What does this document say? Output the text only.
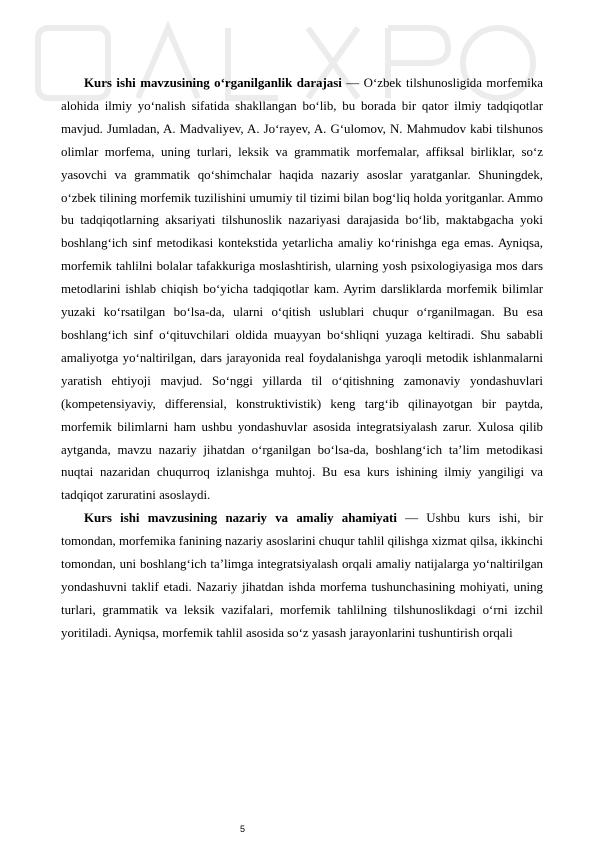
Kurs ishi mavzusining o‘rganilganlik darajasi — O‘zbek tilshunosligida morfemika alohida ilmiy yo‘nalish sifatida shakllangan bo‘lib, bu borada bir qator ilmiy tadqiqotlar mavjud. Jumladan, A. Madvaliyev, A. Jo‘rayev, A. G‘ulomov, N. Mahmudov kabi tilshunos olimlar morfema, uning turlari, leksik va grammatik morfemalar, affiksal birliklar, so‘z yasovchi va grammatik qo‘shimchalar haqida nazariy asoslar yaratganlar. Shuningdek, o‘zbek tilining morfemik tuzilishini umumiy til tizimi bilan bog‘liq holda yoritganlar. Ammo bu tadqiqotlarning aksariyati tilshunoslik nazariyasi darajasida bo‘lib, maktabgacha yoki boshlang‘ich sinf metodikasi kontekstida yetarlicha amaliy ko‘rinishga ega emas. Ayniqsa, morfemik tahlilni bolalar tafakkuriga moslashtirish, ularning yosh psixologiyasiga mos dars metodlarini ishlab chiqish bo‘yicha tadqiqotlar kam. Ayrim darsliklarda morfemik bilimlar yuzaki ko‘rsatilgan bo‘lsa-da, ularni o‘qitish uslublari chuqur o‘rganilmagan. Bu esa boshlang‘ich sinf o‘qituvchilari oldida muayyan bo‘shliqni yuzaga keltiradi. Shu sababli amaliyotga yo‘naltirilgan, dars jarayonida real foydalanishga yaroqli metodik ishlanmalarni yaratish ehtiyoji mavjud. So‘nggi yillarda til o‘qitishning zamonaviy yondashuvlari (kompetensiyaviy, differensial, konstruktivistik) keng targ‘ib qilinayotgan bir paytda, morfemik bilimlarni ham ushbu yondashuvlar asosida integratsiyalash zarur. Xulosa qilib aytganda, mavzu nazariy jihatdan o‘rganilgan bo‘lsa-da, boshlang‘ich ta’lim metodikasi nuqtai nazaridan chuqurroq izlanishga muhtoj. Bu esa kurs ishining ilmiy yangiligi va tadqiqot zaruratini asoslaydi.

Kurs ishi mavzusining nazariy va amaliy ahamiyati — Ushbu kurs ishi, bir tomondan, morfemika fanining nazariy asoslarini chuqur tahlil qilishga xizmat qilsa, ikkinchi tomondan, uni boshlang‘ich ta’limga integratsiyalash orqali amaliy natijalarga yo‘naltirilgan yondashuvni taklif etadi. Nazariy jihatdan ishda morfema tushunchasining mohiyati, uning turlari, grammatik va leksik vazifalari, morfemik tahlilning tilshunoslikdagi o‘rni izchil yoritiladi. Ayniqsa, morfemik tahlil asosida so‘z yasash jarayonlarini tushuntirish orqali

5
